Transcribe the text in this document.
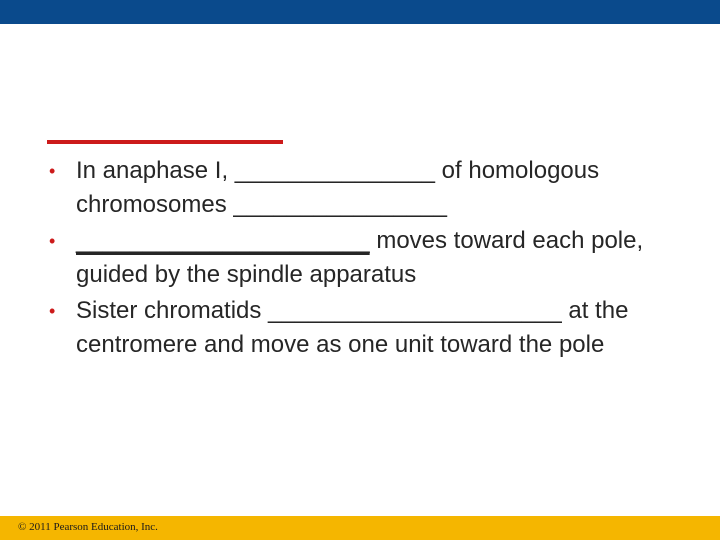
• In anaphase I, _______________ of homologous chromosomes ________________
• ______________________ moves toward each pole, guided by the spindle apparatus
• Sister chromatids ______________________ at the centromere and move as one unit toward the pole
© 2011 Pearson Education, Inc.
